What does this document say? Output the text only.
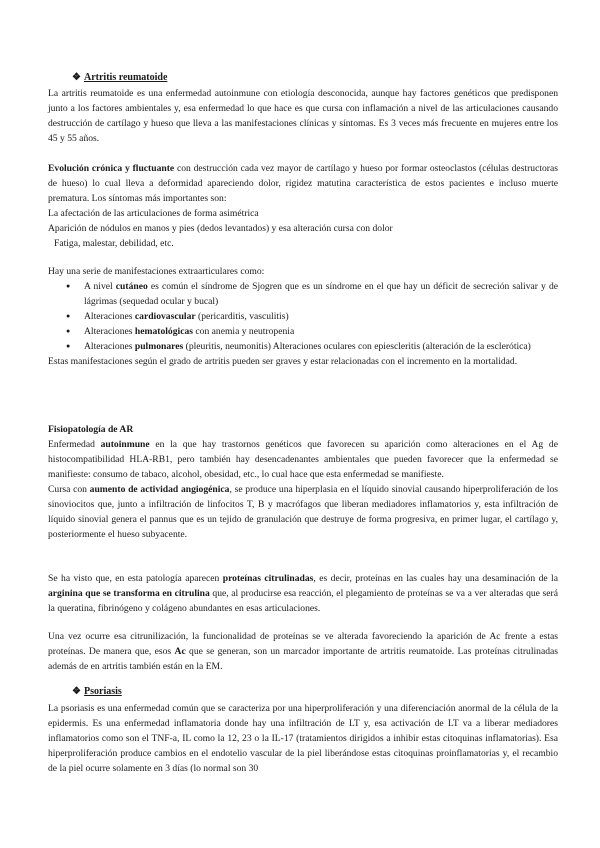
❖ Artritis reumatoide

La artritis reumatoide es una enfermedad autoinmune con etiología desconocida, aunque hay factores genéticos que predisponen junto a los factores ambientales y, esa enfermedad lo que hace es que cursa con inflamación a nivel de las articulaciones causando destrucción de cartílago y hueso que lleva a las manifestaciones clínicas y síntomas. Es 3 veces más frecuente en mujeres entre los 45 y 55 años.

Evolución crónica y fluctuante con destrucción cada vez mayor de cartílago y hueso por formar osteoclastos (células destructoras de hueso) lo cual lleva a deformidad apareciendo dolor, rigidez matutina característica de estos pacientes e incluso muerte prematura. Los síntomas más importantes son:

La afectación de las articulaciones de forma asimétrica

Aparición de nódulos en manos y pies (dedos levantados) y esa alteración cursa con dolor

Fatiga, malestar, debilidad, etc.

Hay una serie de manifestaciones extraarticulares como:

● A nivel cutáneo es común el síndrome de Sjogren que es un síndrome en el que hay un déficit de secreción salivar y de lágrimas (sequedad ocular y bucal)
● Alteraciones cardiovascular (pericarditis, vasculitis)
● Alteraciones hematológicas con anemia y neutropenia
● Alteraciones pulmonares (pleuritis, neumonitis) Alteraciones oculares con epiescleritis (alteración de la esclerótica)

Estas manifestaciones según el grado de artritis pueden ser graves y estar relacionadas con el incremento en la mortalidad.

Fisiopatología de AR

Enfermedad autoinmune en la que hay trastornos genéticos que favorecen su aparición como alteraciones en el Ag de histocompatibilidad HLA-RB1, pero también hay desencadenantes ambientales que pueden favorecer que la enfermedad se manifieste: consumo de tabaco, alcohol, obesidad, etc., lo cual hace que esta enfermedad se manifieste.

Cursa con aumento de actividad angiogénica, se produce una hiperplasia en el líquido sinovial causando hiperproliferación de los sinoviocitos que, junto a infiltración de linfocitos T, B y macrófagos que liberan mediadores inflamatorios y, esta infiltración de líquido sinovial genera el pannus que es un tejido de granulación que destruye de forma progresiva, en primer lugar, el cartílago y, posteriormente el hueso subyacente.

Se ha visto que, en esta patología aparecen proteínas citrulinadas, es decir, proteínas en las cuales hay una desaminación de la arginina que se transforma en citrulina que, al producirse esa reacción, el plegamiento de proteínas se va a ver alteradas que será la queratina, fibrinógeno y colágeno abundantes en esas articulaciones.

Una vez ocurre esa citrunilización, la funcionalidad de proteínas se ve alterada favoreciendo la aparición de Ac frente a estas proteínas. De manera que, esos Ac que se generan, son un marcador importante de artritis reumatoide. Las proteínas citrulinadas además de en artritis también están en la EM.

❖ Psoriasis

La psoriasis es una enfermedad común que se caracteriza por una hiperproliferación y una diferenciación anormal de la célula de la epidermis. Es una enfermedad inflamatoria donde hay una infiltración de LT y, esa activación de LT va a liberar mediadores inflamatorios como son el TNF-a, IL como la 12, 23 o la IL-17 (tratamientos dirigidos a inhibir estas citoquinas inflamatorias). Esa hiperproliferación produce cambios en el endotelio vascular de la piel liberándose estas citoquinas proinflamatorias y, el recambio de la piel ocurre solamente en 3 días (lo normal son 30
